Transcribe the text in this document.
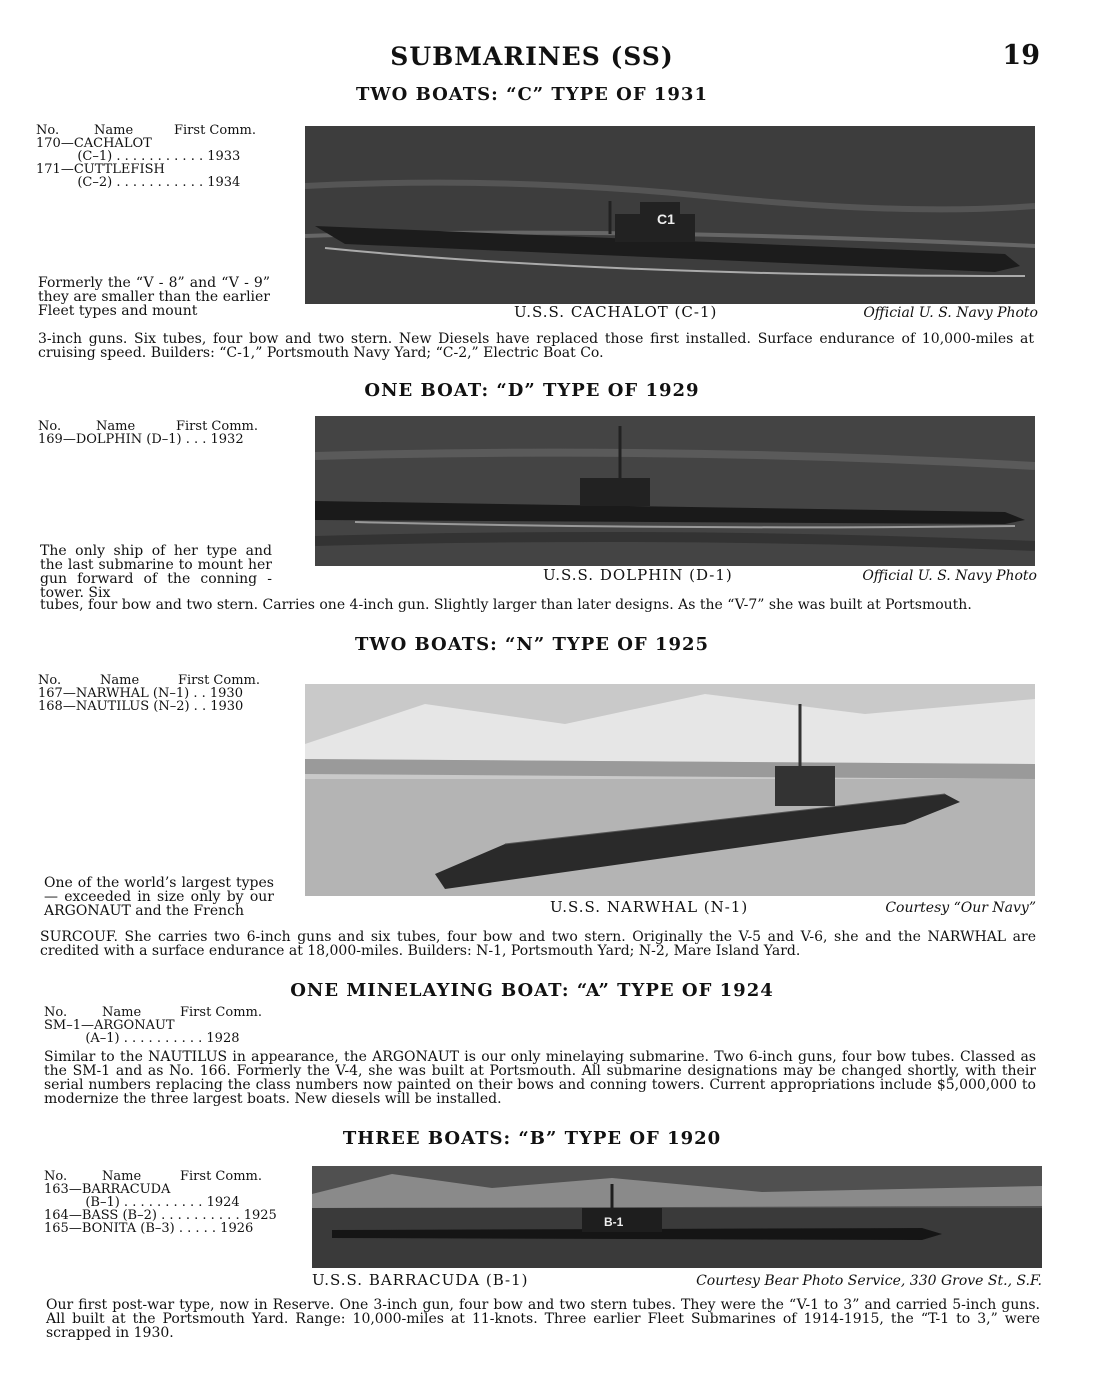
SUBMARINES (SS)	19
TWO BOATS: “C” TYPE OF 1931
No.	Name	First Comm.
170—CACHALOT
(C–1) . . . . . . . . . . . 1933
171—CUTTLEFISH
(C–2) . . . . . . . . . . . 1934
C1
U.S.S. CACHALOT (C-1)	Official U. S. Navy Photo
Formerly the “V - 8” and “V - 9” they are smaller than the earlier Fleet types and mount
3-inch guns. Six tubes, four bow and two stern. New Diesels have replaced those first installed. Surface endurance of 10,000-miles at cruising speed. Builders: “C-1,” Portsmouth Navy Yard; “C-2,” Electric Boat Co.
ONE BOAT: “D” TYPE OF 1929
No.	Name	First Comm.
169—DOLPHIN (D–1) . . . 1932
U.S.S. DOLPHIN (D-1)	Official U. S. Navy Photo
The only ship of her type and the last submarine to mount her gun forward of the conning - tower. Six
tubes, four bow and two stern. Carries one 4-inch gun. Slightly larger than later designs. As the “V-7” she was built at Portsmouth.
TWO BOATS: “N” TYPE OF 1925
No.	Name	First Comm.
167—NARWHAL (N–1) . . 1930
168—NAUTILUS (N–2) . . 1930
U.S.S. NARWHAL (N-1)	Courtesy “Our Navy”
One of the world’s largest types — exceeded in size only by our ARGONAUT and the French
SURCOUF. She carries two 6-inch guns and six tubes, four bow and two stern. Originally the V-5 and V-6, she and the NARWHAL are credited with a surface endurance at 18,000-miles. Builders: N-1, Portsmouth Yard; N-2, Mare Island Yard.
ONE MINELAYING BOAT: “A” TYPE OF 1924
No.	Name	First Comm.
SM–1—ARGONAUT
(A–1) . . . . . . . . . . 1928
Similar to the NAUTILUS in appearance, the ARGONAUT is our only minelaying submarine. Two 6-inch guns, four bow tubes. Classed as the SM-1 and as No. 166. Formerly the V-4, she was built at Portsmouth. All submarine designations may be changed shortly, with their serial numbers replacing the class numbers now painted on their bows and conning towers. Current appropriations include $5,000,000 to modernize the three largest boats. New diesels will be installed.
THREE BOATS: “B” TYPE OF 1920
No.	Name	First Comm.
163—BARRACUDA
(B–1) . . . . . . . . . . 1924
164—BASS (B–2) . . . . . . . . . . 1925
165—BONITA (B–3) . . . . . 1926	B-1
U.S.S. BARRACUDA (B-1)	Courtesy Bear Photo Service, 330 Grove St., S.F.
Our first post-war type, now in Reserve. One 3-inch gun, four bow and two stern tubes. They were the “V-1 to 3” and carried 5-inch guns. All built at the Portsmouth Yard. Range: 10,000-miles at 11-knots. Three earlier Fleet Submarines of 1914-1915, the “T-1 to 3,” were scrapped in 1930.
